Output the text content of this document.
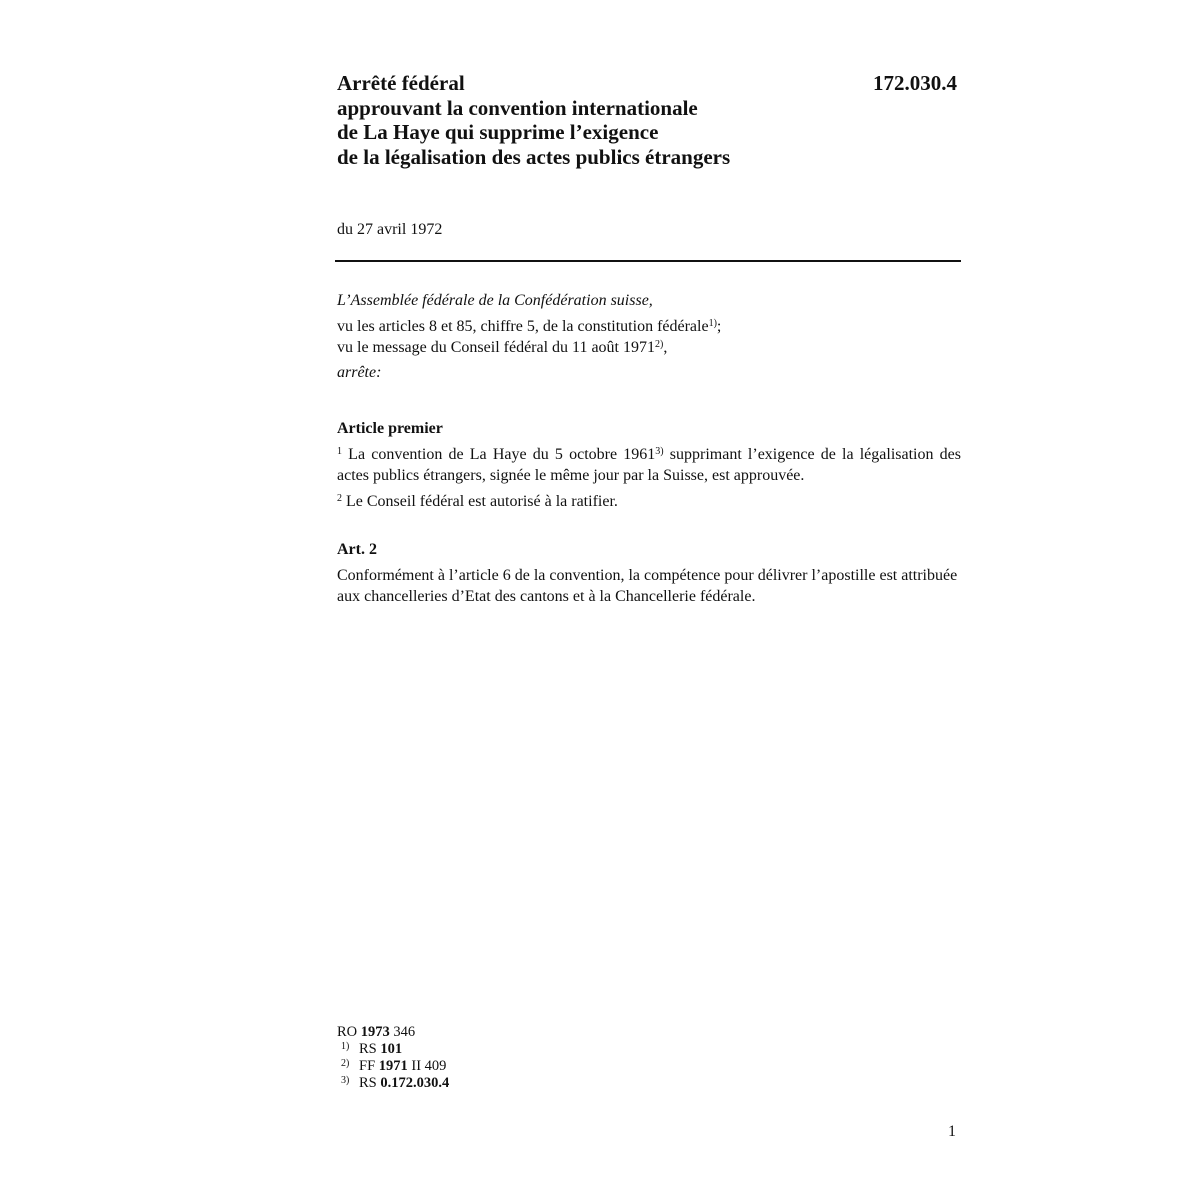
Arrêté fédéral
approuvant la convention internationale
de La Haye qui supprime l’exigence
de la légalisation des actes publics étrangers
172.030.4
du 27 avril 1972
L’Assemblée fédérale de la Confédération suisse,
vu les articles 8 et 85, chiffre 5, de la constitution fédérale$^{1)}$;
vu le message du Conseil fédéral du 11 août 1971$^{2)}$,
arrête:
Article premier
$^1$ La convention de La Haye du 5 octobre 1961$^{3)}$ supprimant l’exigence de la légalisation des actes publics étrangers, signée le même jour par la Suisse, est approuvée.
$^2$ Le Conseil fédéral est autorisé à la ratifier.
Art. 2
Conformément à l’article 6 de la convention, la compétence pour délivrer l’apostille est attribuée aux chancelleries d’Etat des cantons et à la Chancellerie fédérale.
RO 1973 346
1) RS 101
2) FF 1971 II 409
3) RS 0.172.030.4
1
